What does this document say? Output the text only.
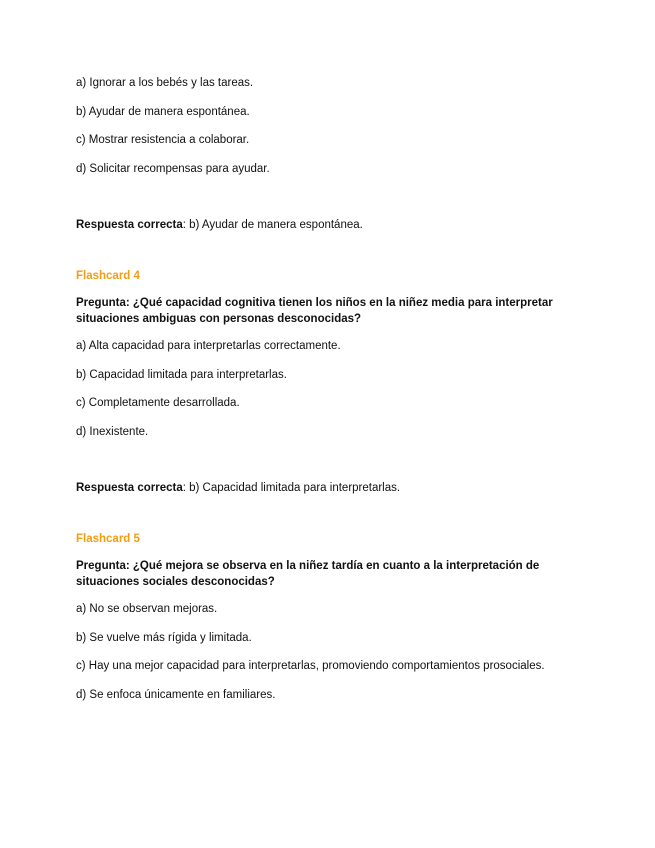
a) Ignorar a los bebés y las tareas.
b) Ayudar de manera espontánea.
c) Mostrar resistencia a colaborar.
d) Solicitar recompensas para ayudar.
Respuesta correcta: b) Ayudar de manera espontánea.
Flashcard 4
Pregunta: ¿Qué capacidad cognitiva tienen los niños en la niñez media para interpretar situaciones ambiguas con personas desconocidas?
a) Alta capacidad para interpretarlas correctamente.
b) Capacidad limitada para interpretarlas.
c) Completamente desarrollada.
d) Inexistente.
Respuesta correcta: b) Capacidad limitada para interpretarlas.
Flashcard 5
Pregunta: ¿Qué mejora se observa en la niñez tardía en cuanto a la interpretación de situaciones sociales desconocidas?
a) No se observan mejoras.
b) Se vuelve más rígida y limitada.
c) Hay una mejor capacidad para interpretarlas, promoviendo comportamientos prosociales.
d) Se enfoca únicamente en familiares.
